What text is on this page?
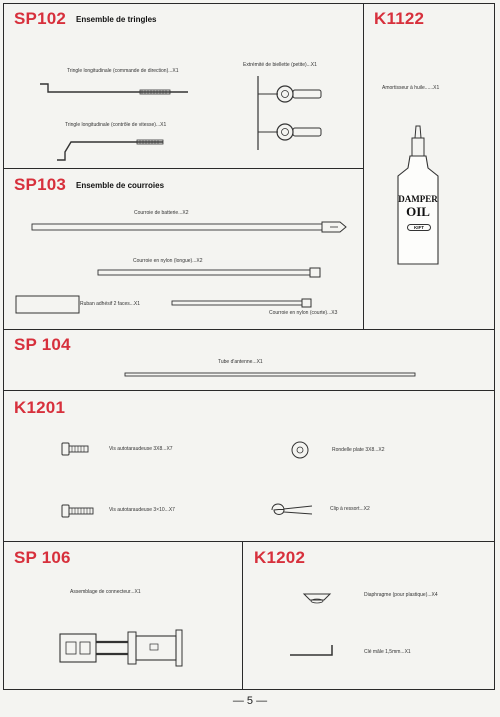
SP102 Ensemble de tringles
Tringle longitudinale (commande de direction)...X1
Tringle longitudinale (contrôle de vitesse)...X1
Extrémité de biellette (petite)...X1
K1122
Amortisseur à huile......X1
DAMPER
OIL
KIFT
SP103 Ensemble de courroies
Courroie de batterie...X2
Courroie en nylon (longue)...X2
Ruban adhésif 2 faces...X1
Courroie en nylon (courte)...X3
SP 104
Tube d'antenne...X1
K1201
Vis autotaraudeuse 3X8...X7	Rondelle plate 3X8...X2
Vis autotaraudeuse 3×10...X7	Clip à ressort...X2
SP 106
Assemblage de connecteur...X1
K1202
Diaphragme (pour plastique)...X4
Clé mâle 1,5mm...X1
— 5 —
